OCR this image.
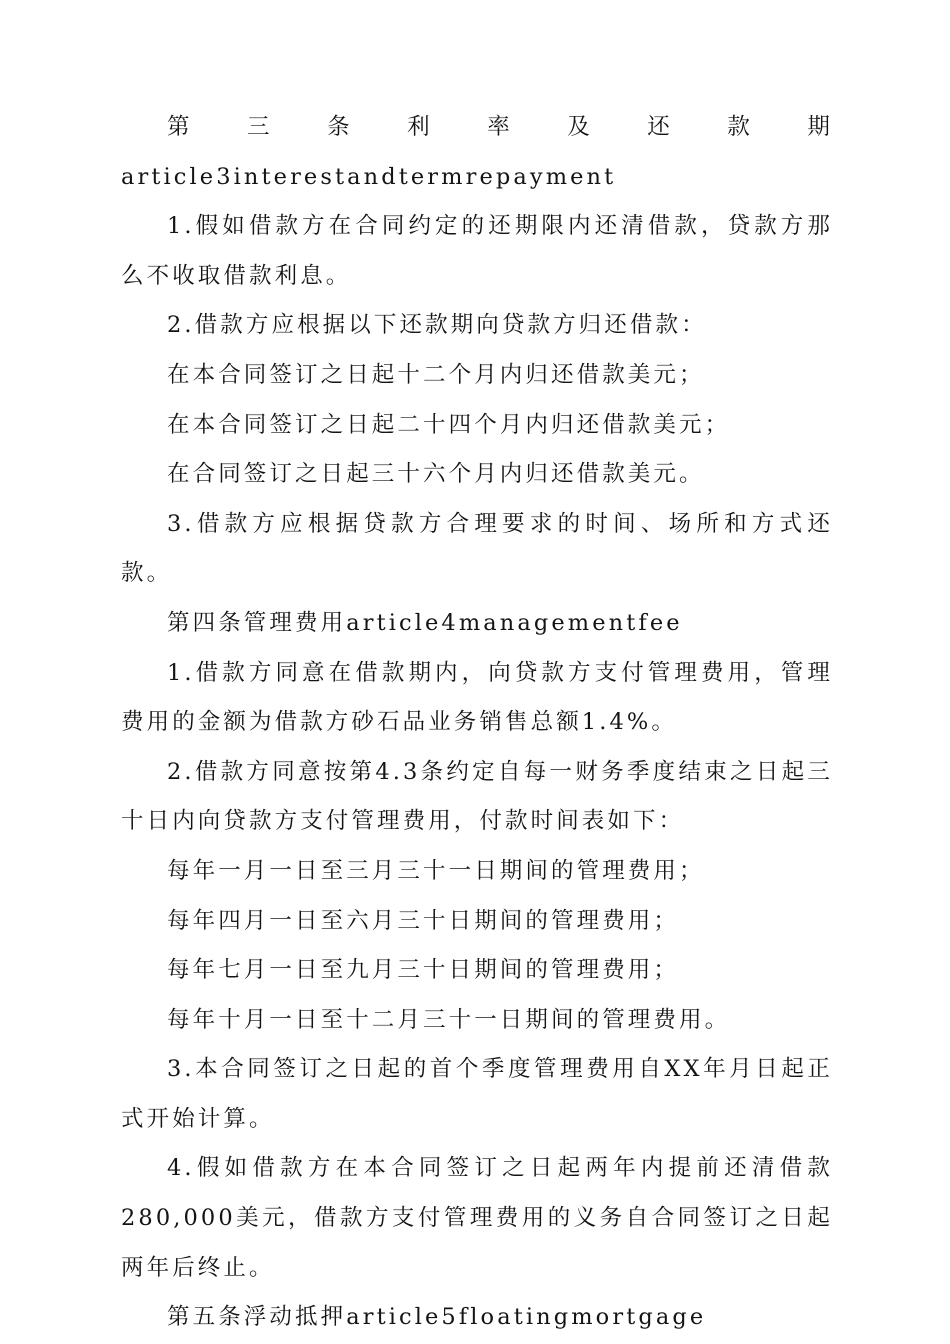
第三条利率及还款期article3interestandtermrepayment

1.假如借款方在合同约定的还期限内还清借款，贷款方那么不收取借款利息。

2.借款方应根据以下还款期向贷款方归还借款：

在本合同签订之日起十二个月内归还借款美元；

在本合同签订之日起二十四个月内归还借款美元；

在合同签订之日起三十六个月内归还借款美元。

3.借款方应根据贷款方合理要求的时间、场所和方式还款。

第四条管理费用article4managementfee

1.借款方同意在借款期内，向贷款方支付管理费用，管理费用的金额为借款方砂石品业务销售总额1.4%。

2.借款方同意按第4.3条约定自每一财务季度结束之日起三十日内向贷款方支付管理费用，付款时间表如下：

每年一月一日至三月三十一日期间的管理费用；

每年四月一日至六月三十日期间的管理费用；

每年七月一日至九月三十日期间的管理费用；

每年十月一日至十二月三十一日期间的管理费用。

3.本合同签订之日起的首个季度管理费用自XX年月日起正式开始计算。

4.假如借款方在本合同签订之日起两年内提前还清借款280,000美元，借款方支付管理费用的义务自合同签订之日起两年后终止。

第五条浮动抵押article5floatingmortgage
